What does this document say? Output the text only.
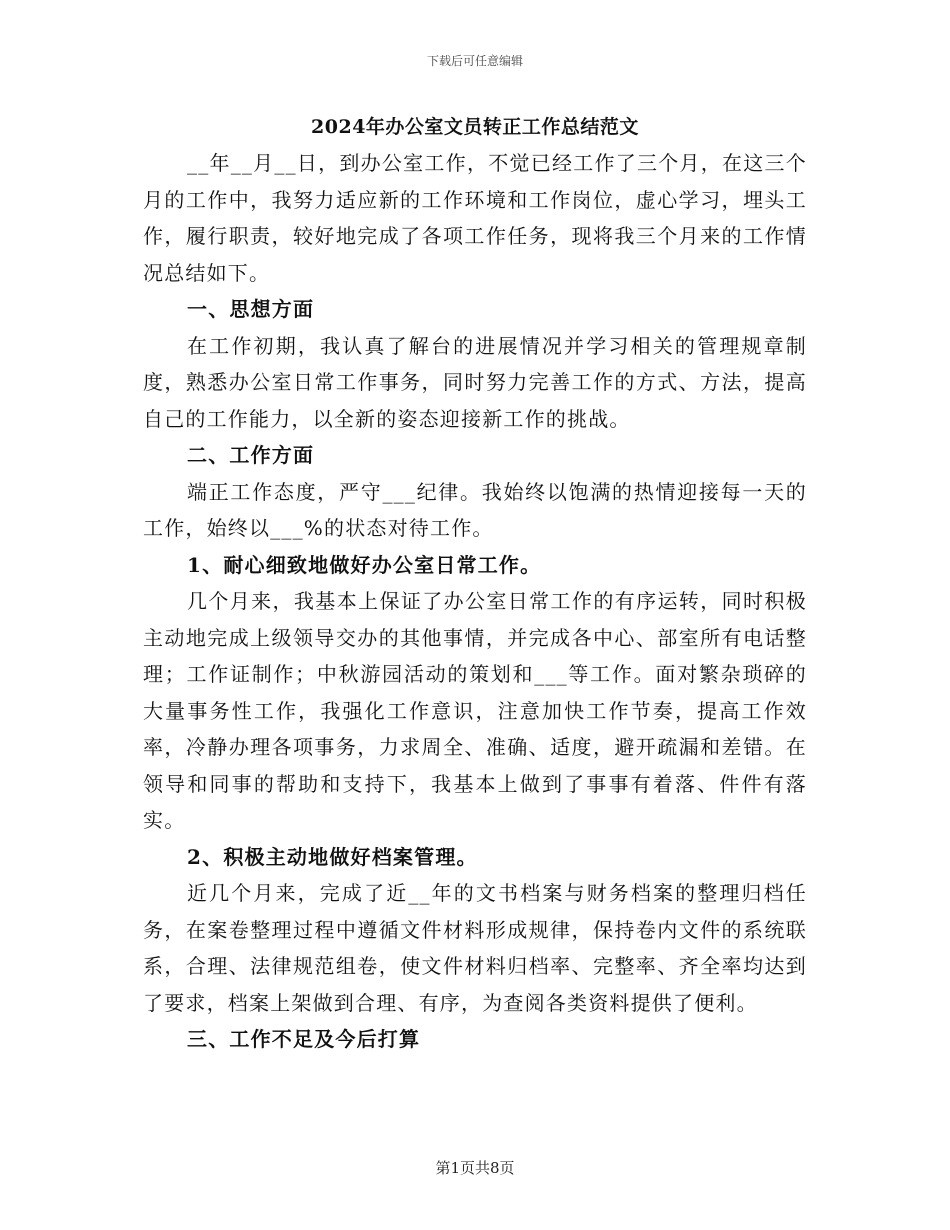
下载后可任意编辑
2024年办公室文员转正工作总结范文

__年__月__日，到办公室工作，不觉已经工作了三个月，在这三个月的工作中，我努力适应新的工作环境和工作岗位，虚心学习，埋头工作，履行职责，较好地完成了各项工作任务，现将我三个月来的工作情况总结如下。

一、思想方面

在工作初期，我认真了解台的进展情况并学习相关的管理规章制度，熟悉办公室日常工作事务，同时努力完善工作的方式、方法，提高自己的工作能力，以全新的姿态迎接新工作的挑战。

二、工作方面

端正工作态度，严守___纪律。我始终以饱满的热情迎接每一天的工作，始终以___%的状态对待工作。

1、耐心细致地做好办公室日常工作。

几个月来，我基本上保证了办公室日常工作的有序运转，同时积极主动地完成上级领导交办的其他事情，并完成各中心、部室所有电话整理；工作证制作；中秋游园活动的策划和___等工作。面对繁杂琐碎的大量事务性工作，我强化工作意识，注意加快工作节奏，提高工作效率，冷静办理各项事务，力求周全、准确、适度，避开疏漏和差错。在领导和同事的帮助和支持下，我基本上做到了事事有着落、件件有落实。

2、积极主动地做好档案管理。

近几个月来，完成了近__年的文书档案与财务档案的整理归档任务，在案卷整理过程中遵循文件材料形成规律，保持卷内文件的系统联系，合理、法律规范组卷，使文件材料归档率、完整率、齐全率均达到了要求，档案上架做到合理、有序，为查阅各类资料提供了便利。

三、工作不足及今后打算

第1页共8页
